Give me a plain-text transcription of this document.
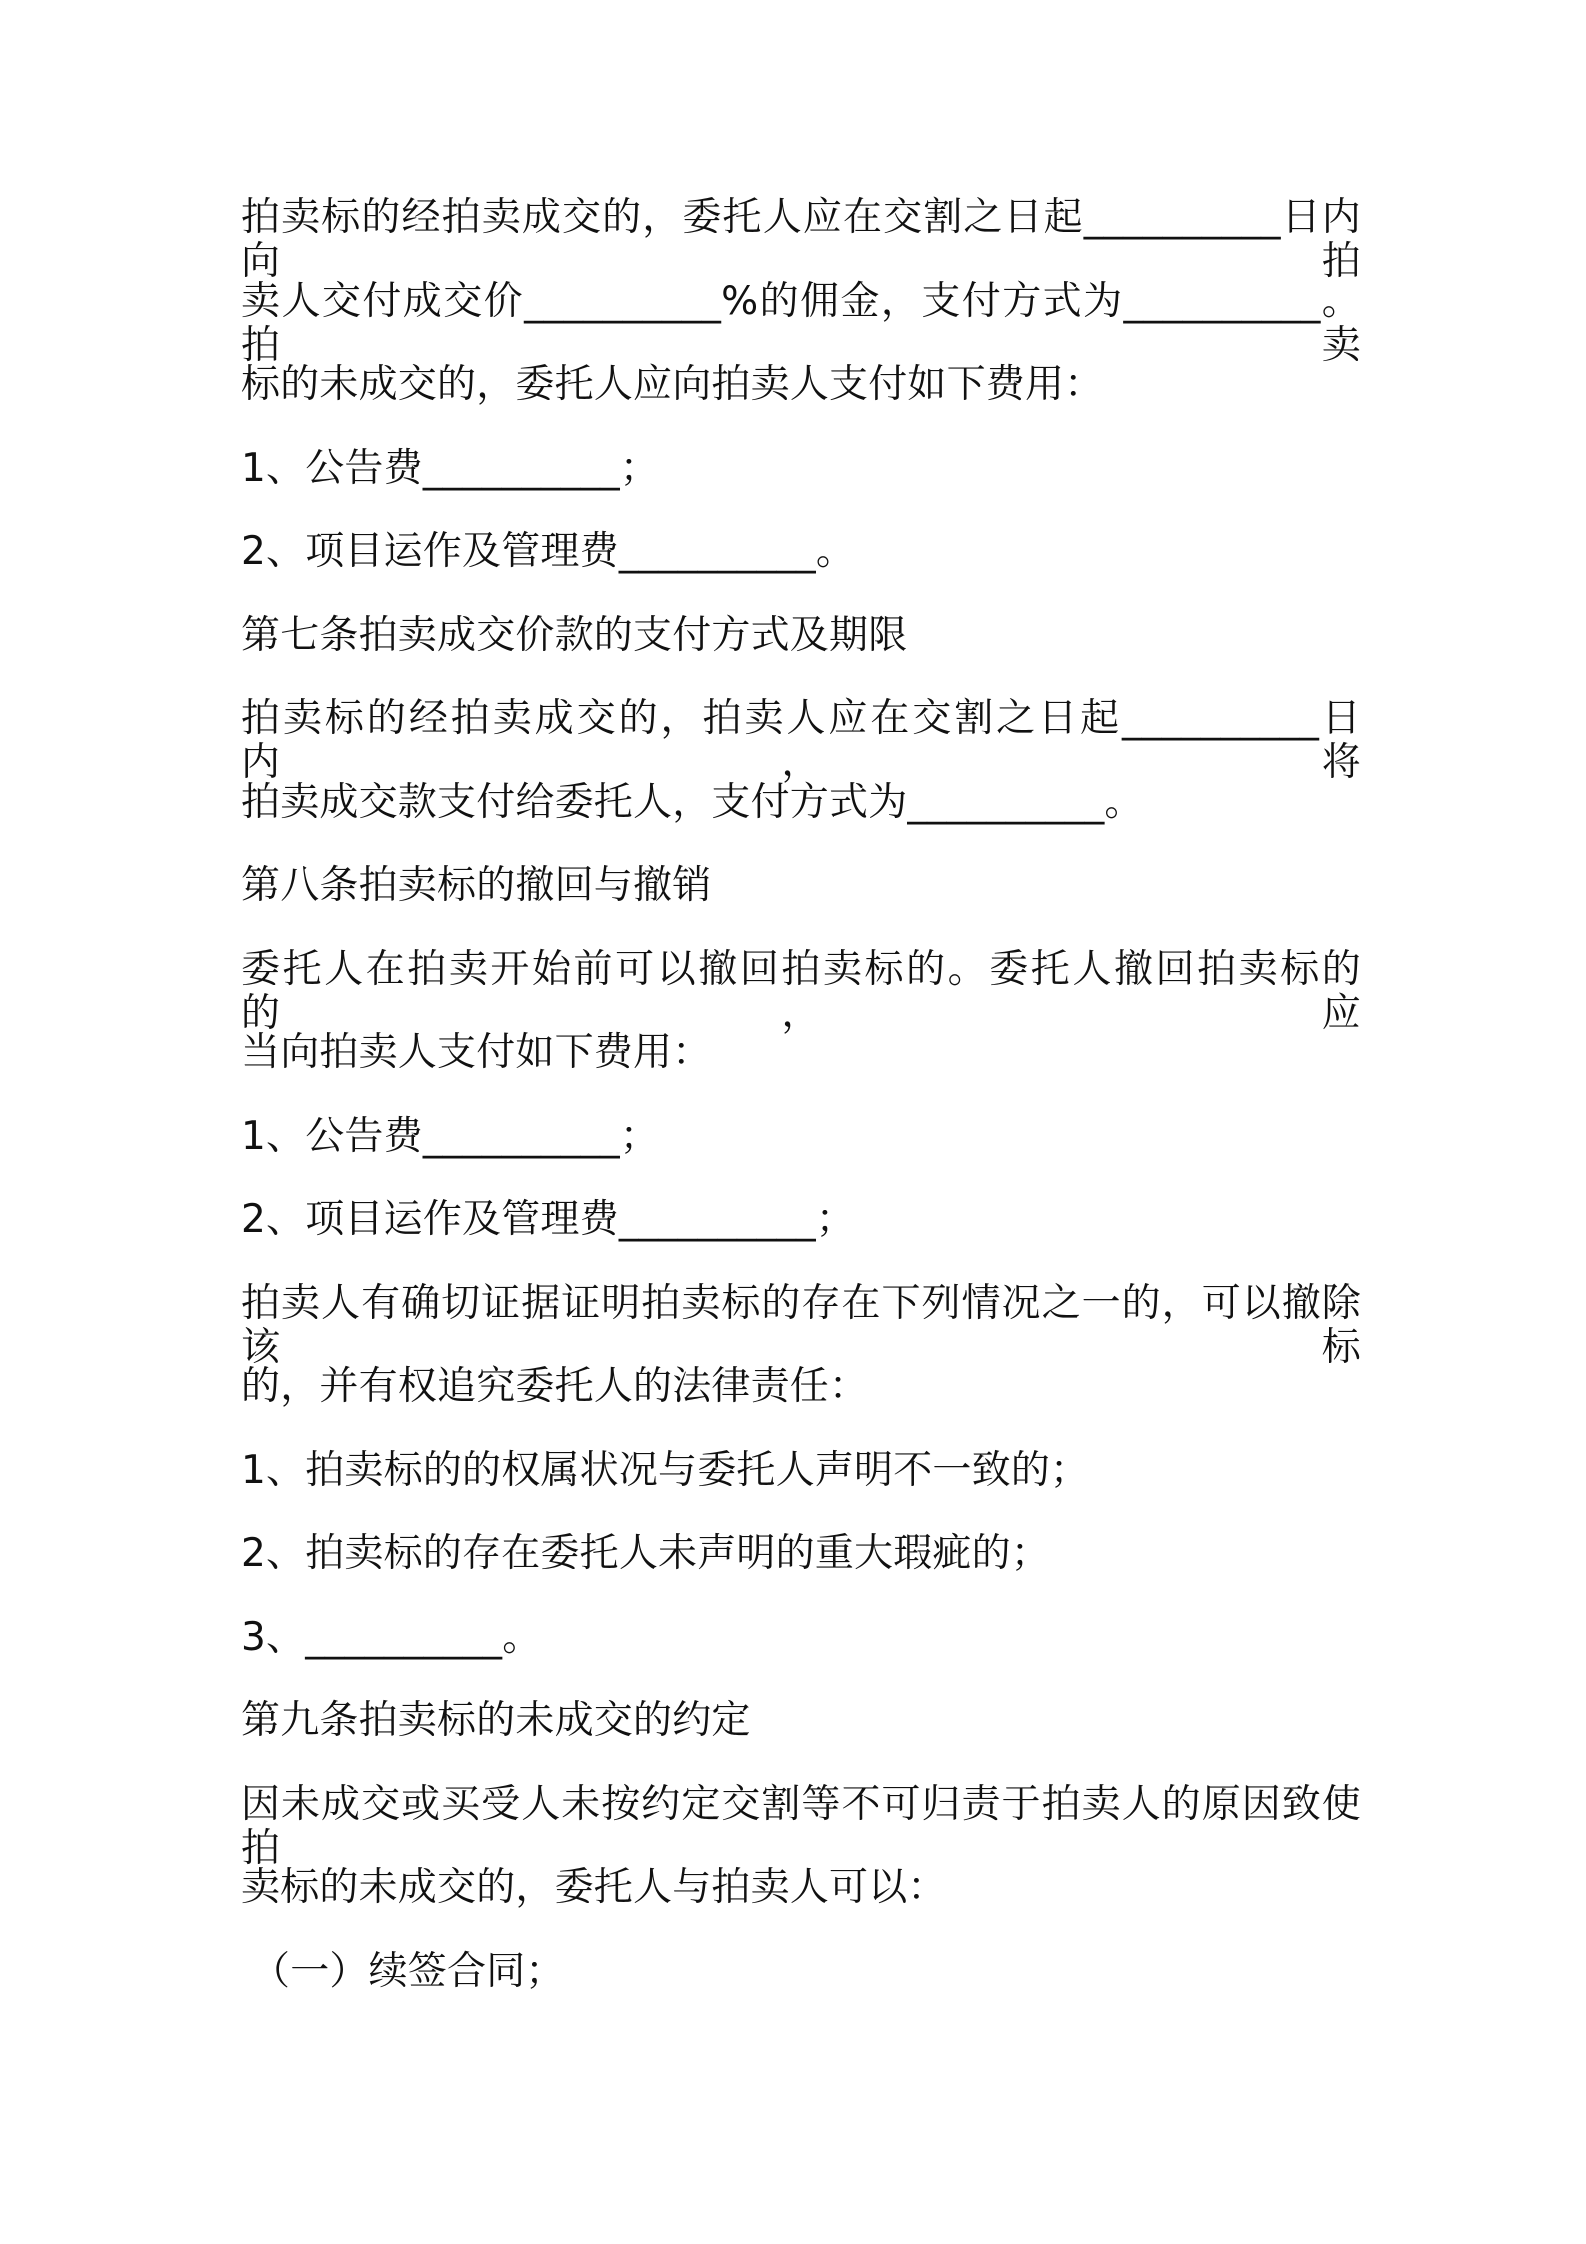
拍卖标的经拍卖成交的，委托人应在交割之日起__________日内向拍
卖人交付成交价__________%的佣金，支付方式为__________。拍卖
标的未成交的，委托人应向拍卖人支付如下费用：
1、公告费__________；
2、项目运作及管理费__________。
第七条拍卖成交价款的支付方式及期限
拍卖标的经拍卖成交的，拍卖人应在交割之日起__________日内，将
拍卖成交款支付给委托人，支付方式为__________。
第八条拍卖标的撤回与撤销
委托人在拍卖开始前可以撤回拍卖标的。委托人撤回拍卖标的的，应
当向拍卖人支付如下费用：
1、公告费__________；
2、项目运作及管理费__________；
拍卖人有确切证据证明拍卖标的存在下列情况之一的，可以撤除该标
的，并有权追究委托人的法律责任：
1、拍卖标的的权属状况与委托人声明不一致的；
2、拍卖标的存在委托人未声明的重大瑕疵的；
3、__________。
第九条拍卖标的未成交的约定
因未成交或买受人未按约定交割等不可归责于拍卖人的原因致使拍
卖标的未成交的，委托人与拍卖人可以：
（一）续签合同；
